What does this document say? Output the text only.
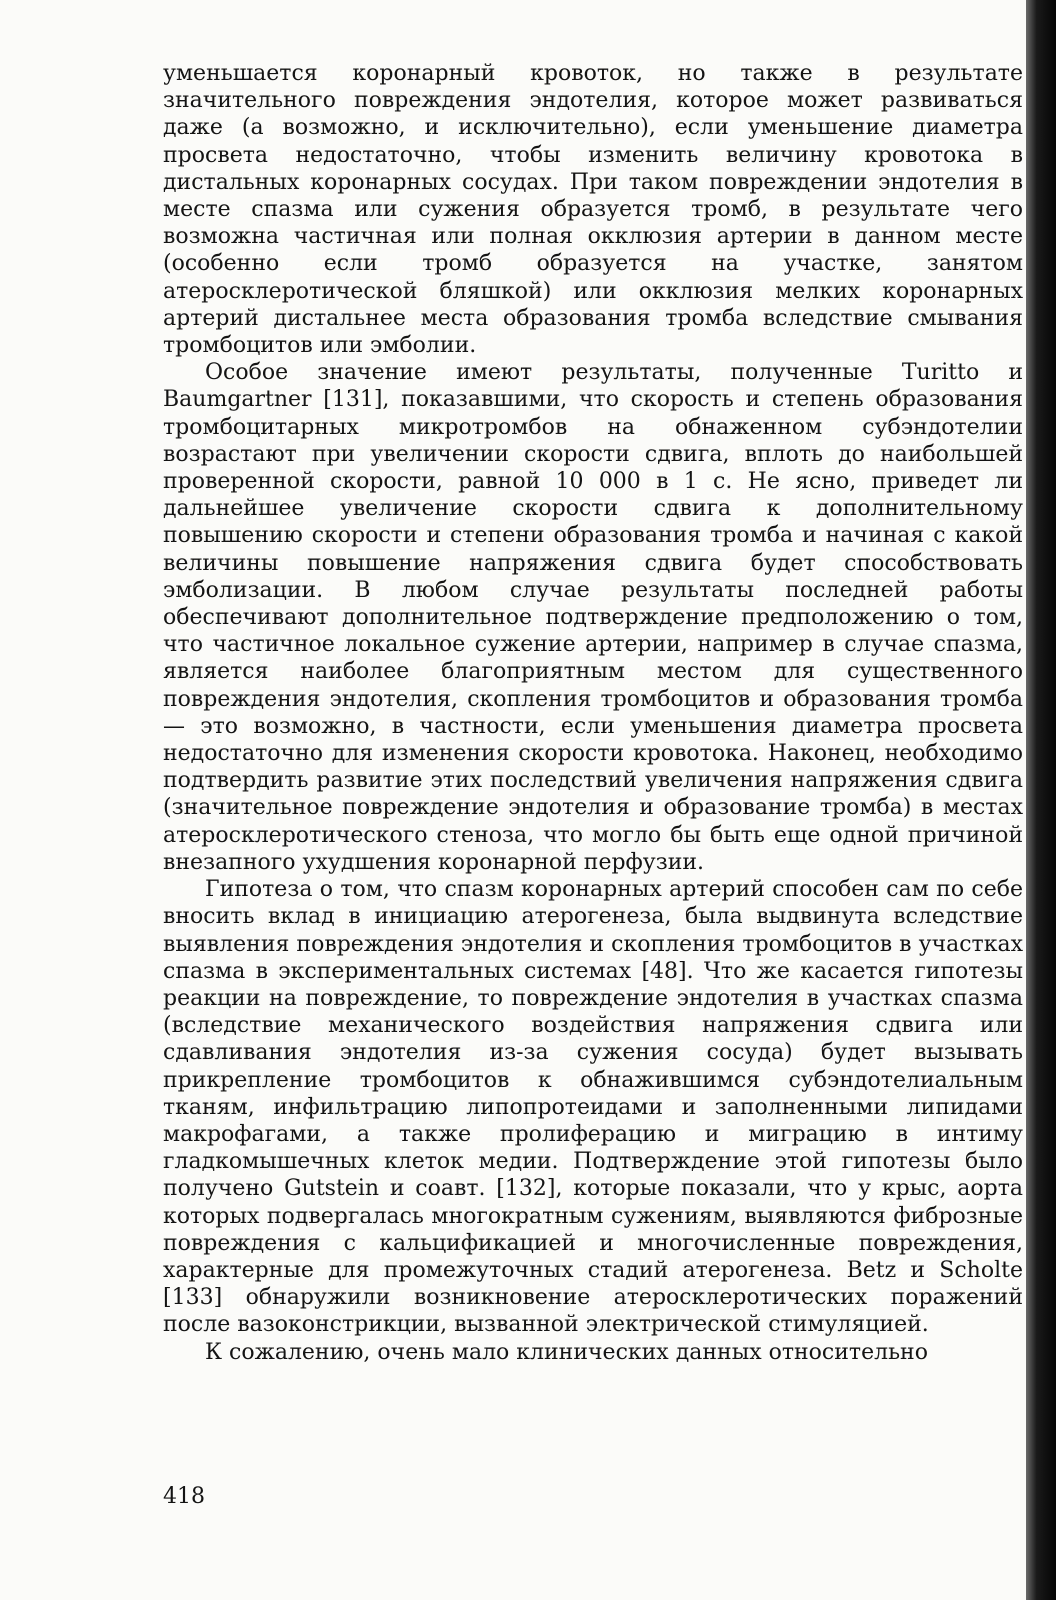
уменьшается коронарный кровоток, но также в результате значительного повреждения эндотелия, которое может развиваться даже (а возможно, и исключительно), если уменьшение диаметра просвета недостаточно, чтобы изменить величину кровотока в дистальных коронарных сосудах. При таком повреждении эндотелия в месте спазма или сужения образуется тромб, в результате чего возможна частичная или полная окклюзия артерии в данном месте (особенно если тромб образуется на участке, занятом атеросклеротической бляшкой) или окклюзия мелких коронарных артерий дистальнее места образования тромба вследствие смывания тромбоцитов или эмболии.

Особое значение имеют результаты, полученные Turitto и Baumgartner [131], показавшими, что скорость и степень образования тромбоцитарных микротромбов на обнаженном субэндотелии возрастают при увеличении скорости сдвига, вплоть до наибольшей проверенной скорости, равной 10 000 в 1 с. Не ясно, приведет ли дальнейшее увеличение скорости сдвига к дополнительному повышению скорости и степени образования тромба и начиная с какой величины повышение напряжения сдвига будет способствовать эмболизации. В любом случае результаты последней работы обеспечивают дополнительное подтверждение предположению о том, что частичное локальное сужение артерии, например в случае спазма, является наиболее благоприятным местом для существенного повреждения эндотелия, скопления тромбоцитов и образования тромба — это возможно, в частности, если уменьшения диаметра просвета недостаточно для изменения скорости кровотока. Наконец, необходимо подтвердить развитие этих последствий увеличения напряжения сдвига (значительное повреждение эндотелия и образование тромба) в местах атеросклеротического стеноза, что могло бы быть еще одной причиной внезапного ухудшения коронарной перфузии.

Гипотеза о том, что спазм коронарных артерий способен сам по себе вносить вклад в инициацию атерогенеза, была выдвинута вследствие выявления повреждения эндотелия и скопления тромбоцитов в участках спазма в экспериментальных системах [48]. Что же касается гипотезы реакции на повреждение, то повреждение эндотелия в участках спазма (вследствие механического воздействия напряжения сдвига или сдавливания эндотелия из-за сужения сосуда) будет вызывать прикрепление тромбоцитов к обнажившимся субэндотелиальным тканям, инфильтрацию липопротеидами и заполненными липидами макрофагами, а также пролиферацию и миграцию в интиму гладкомышечных клеток медии. Подтверждение этой гипотезы было получено Gutstein и соавт. [132], которые показали, что у крыс, аорта которых подвергалась многократным сужениям, выявляются фиброзные повреждения с кальцификацией и многочисленные повреждения, характерные для промежуточных стадий атерогенеза. Betz и Scholte [133] обнаружили возникновение атеросклеротических поражений после вазоконстрикции, вызванной электрической стимуляцией.

К сожалению, очень мало клинических данных относительно

418
